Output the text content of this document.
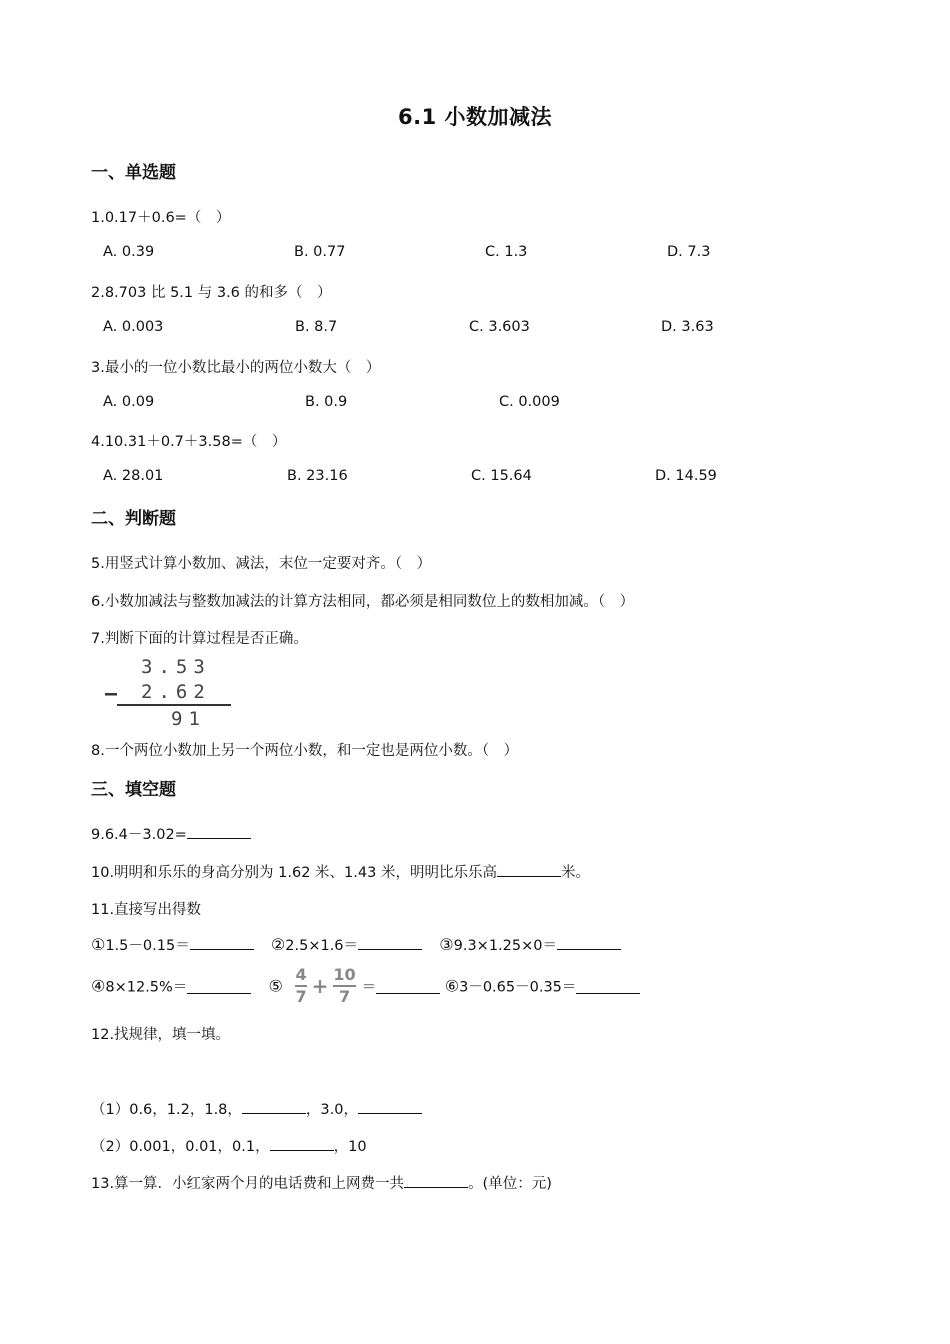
6.1 小数加减法
一、单选题
1.0.17＋0.6=（　）
A. 0.39	B. 0.77	C. 1.3	D. 7.3
2.8.703 比 5.1 与 3.6 的和多（　）
A. 0.003	B. 8.7	C. 3.603	D. 3.63
3.最小的一位小数比最小的两位小数大（　）
A. 0.09	B. 0.9	C. 0.009
4.10.31＋0.7＋3.58=（　）
A. 28.01	B. 23.16	C. 15.64	D. 14.59
二、判断题
5.用竖式计算小数加、减法，末位一定要对齐。（　）
6.小数加减法与整数加减法的计算方法相同，都必须是相同数位上的数相加减。（　）
7.判断下面的计算过程是否正确。
3.53
— 2.62
91
8.一个两位小数加上另一个两位小数，和一定也是两位小数。（　）
三、填空题
9.6.4－3.02=
10.明明和乐乐的身高分别为 1.62 米、1.43 米，明明比乐乐高	米。
11.直接写出得数
①1.5－0.15＝	②2.5×1.6＝	③9.3×1.25×0＝
④8×12.5%＝	⑤ $\frac{4}{7} + \frac{10}{7}$ ＝	⑥3－0.65－0.35＝
12.找规律，填一填。
（1）0.6，1.2，1.8，	，3.0，
（2）0.001，0.01，0.1，	，10
13.算一算．小红家两个月的电话费和上网费一共	。(单位：元)
